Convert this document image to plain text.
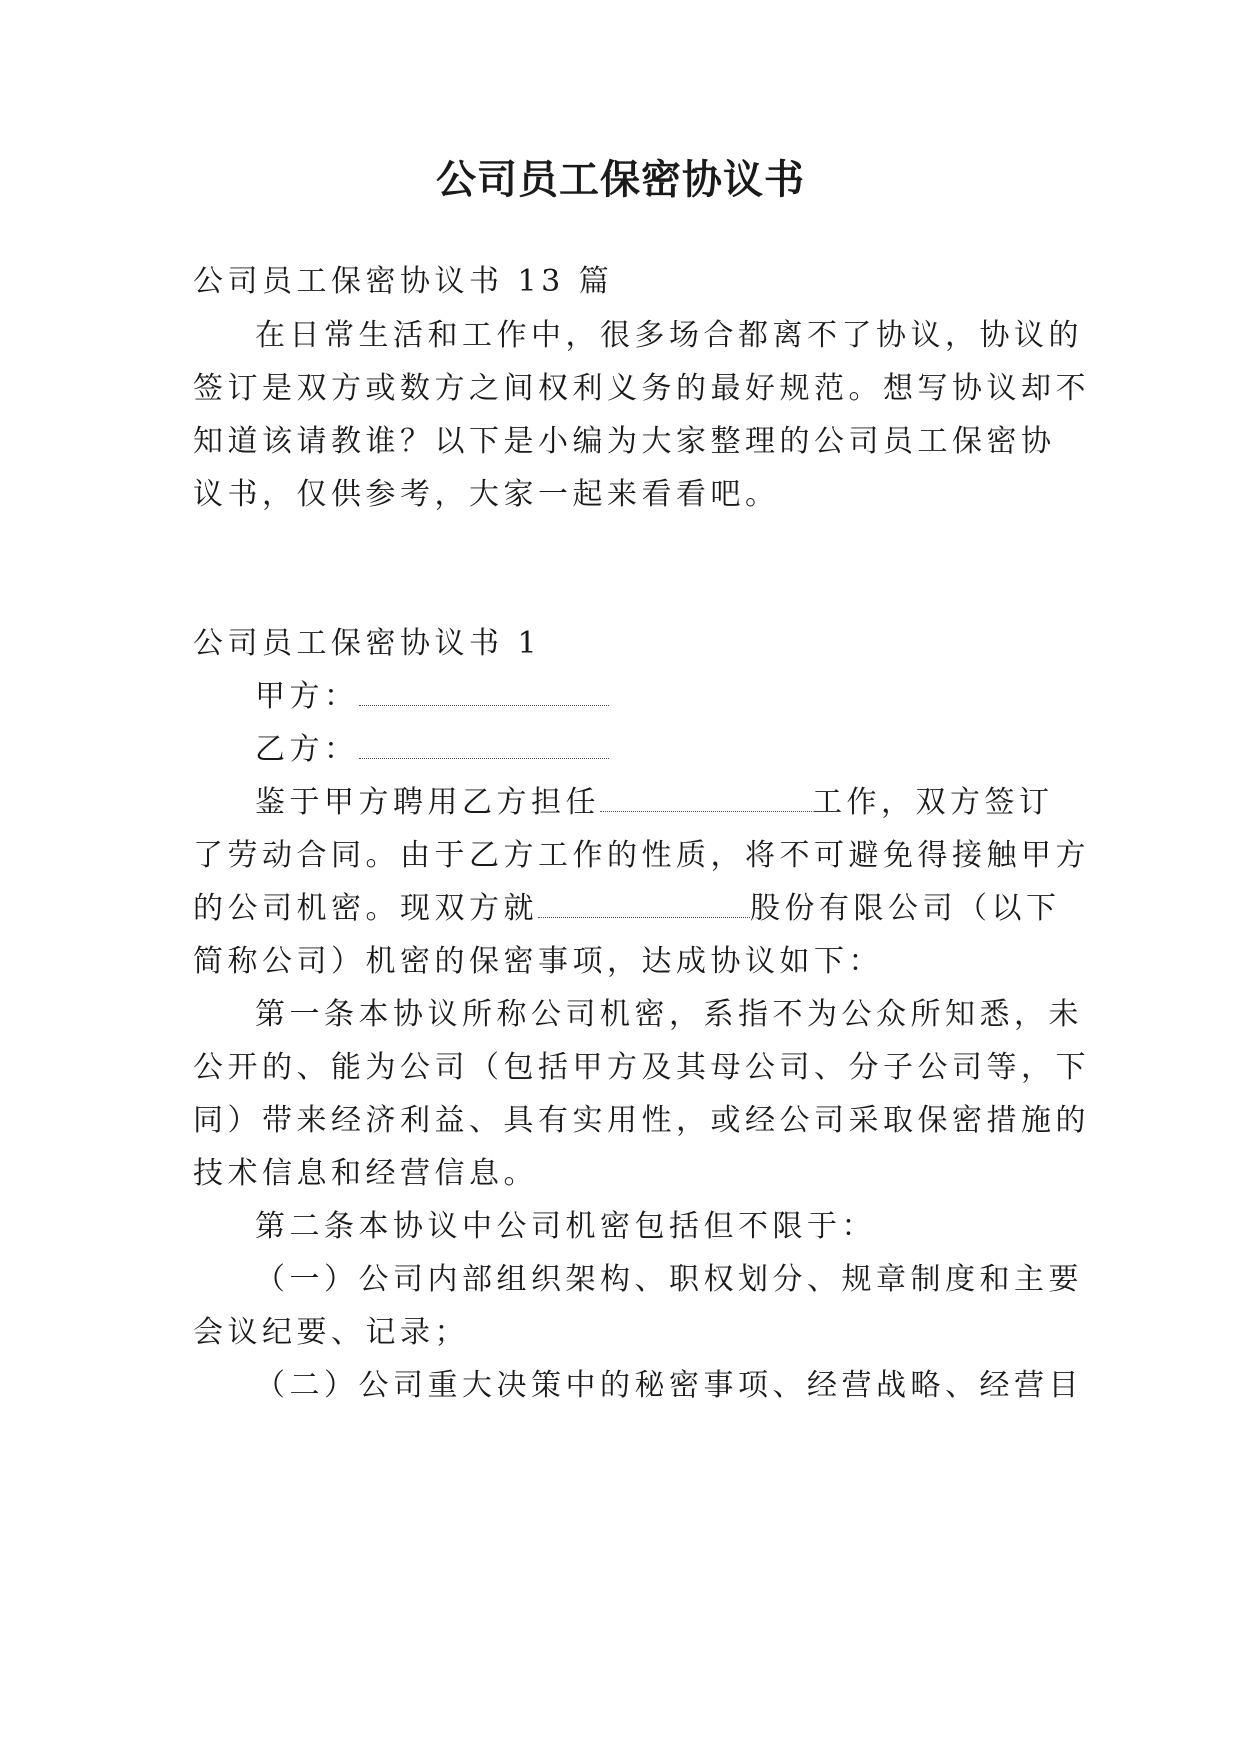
公司员工保密协议书
公司员工保密协议书 13 篇
在日常生活和工作中，很多场合都离不了协议，协议的
签订是双方或数方之间权利义务的最好规范。想写协议却不
知道该请教谁？以下是小编为大家整理的公司员工保密协
议书，仅供参考，大家一起来看看吧。
公司员工保密协议书 1
甲方：
乙方：
鉴于甲方聘用乙方担任	工作，双方签订
了劳动合同。由于乙方工作的性质，将不可避免得接触甲方
的公司机密。现双方就	股份有限公司（以下
简称公司）机密的保密事项，达成协议如下：
第一条本协议所称公司机密，系指不为公众所知悉，未
公开的、能为公司（包括甲方及其母公司、分子公司等，下
同）带来经济利益、具有实用性，或经公司采取保密措施的
技术信息和经营信息。
第二条本协议中公司机密包括但不限于：
（一）公司内部组织架构、职权划分、规章制度和主要
会议纪要、记录；
（二）公司重大决策中的秘密事项、经营战略、经营目
